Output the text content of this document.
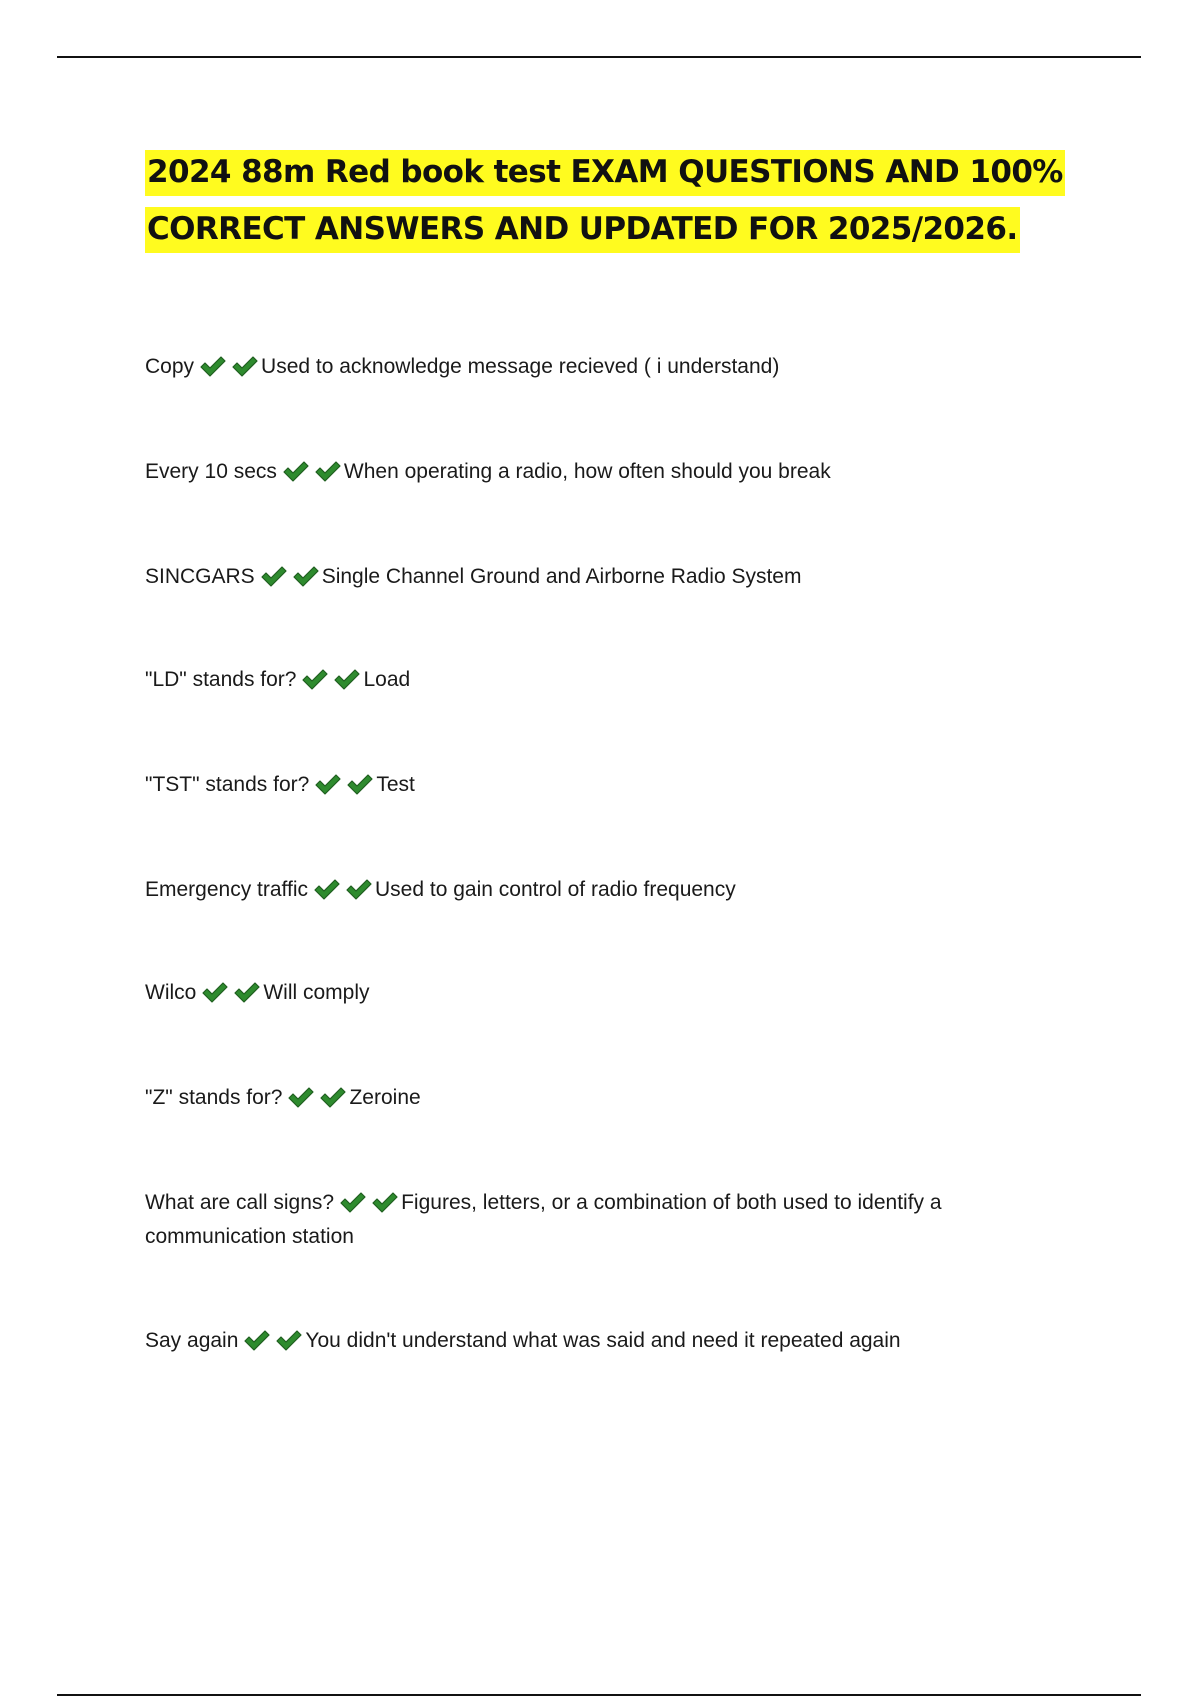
2024 88m Red book test EXAM QUESTIONS AND 100% CORRECT ANSWERS AND UPDATED FOR 2025/2026.

Copy	Used to acknowledge message recieved ( i understand)

Every 10 secs	When operating a radio, how often should you break

SINCGARS	Single Channel Ground and Airborne Radio System

"LD" stands for?	Load

"TST" stands for?	Test

Emergency traffic	Used to gain control of radio frequency

Wilco	Will comply

"Z" stands for?	Zeroine

What are call signs?	Figures, letters, or a combination of both used to identify a communication station

Say again	You didn't understand what was said and need it repeated again
